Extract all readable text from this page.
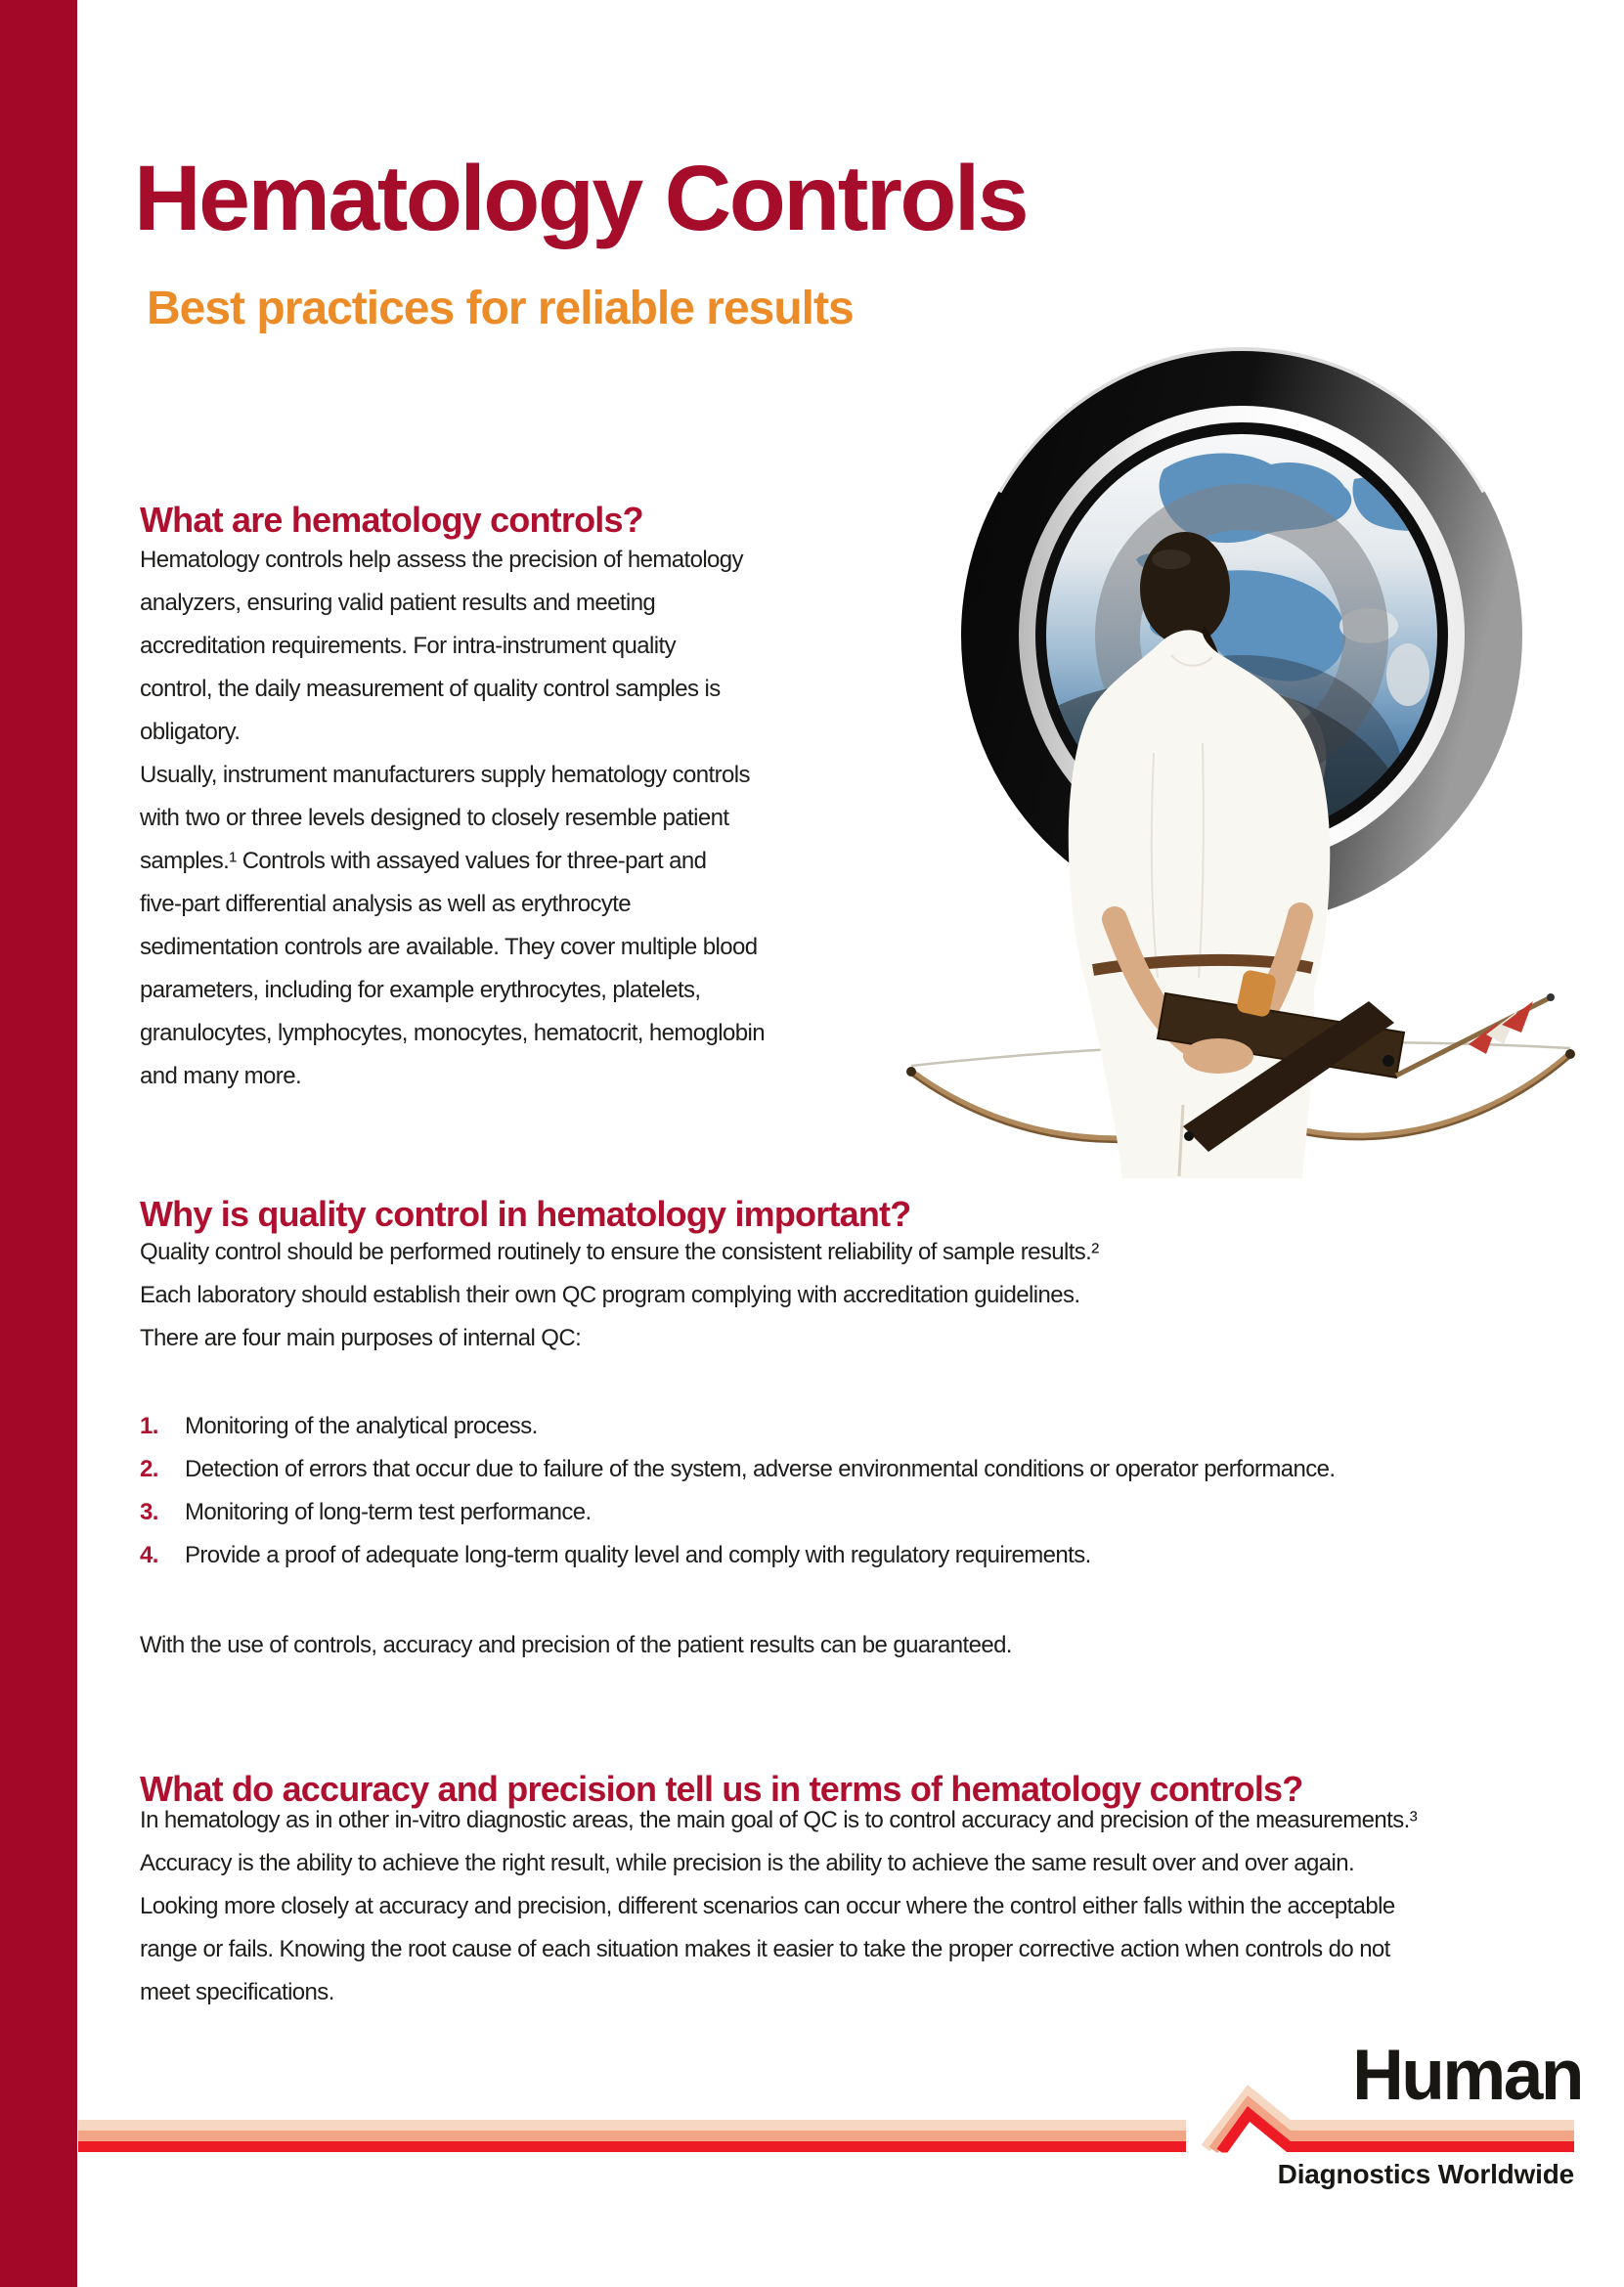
Hematology Controls
Best practices for reliable results
What are hematology controls?
Hematology controls help assess the precision of hematology
analyzers, ensuring valid patient results and meeting
accreditation requirements. For intra-instrument quality
control, the daily measurement of quality control samples is
obligatory.
Usually, instrument manufacturers supply hematology controls
with two or three levels designed to closely resemble patient
samples.¹ Controls with assayed values for three-part and
five-part differential analysis as well as erythrocyte
sedimentation controls are available. They cover multiple blood
parameters, including for example erythrocytes, platelets,
granulocytes, lymphocytes, monocytes, hematocrit, hemoglobin
and many more.
Why is quality control in hematology important?
Quality control should be performed routinely to ensure the consistent reliability of sample results.²
Each laboratory should establish their own QC program complying with accreditation guidelines.
There are four main purposes of internal QC:
1. Monitoring of the analytical process.
2. Detection of errors that occur due to failure of the system, adverse environmental conditions or operator performance.
3. Monitoring of long-term test performance.
4. Provide a proof of adequate long-term quality level and comply with regulatory requirements.
With the use of controls, accuracy and precision of the patient results can be guaranteed.
What do accuracy and precision tell us in terms of hematology controls?
In hematology as in other in-vitro diagnostic areas, the main goal of QC is to control accuracy and precision of the measurements.³
Accuracy is the ability to achieve the right result, while precision is the ability to achieve the same result over and over again.
Looking more closely at accuracy and precision, different scenarios can occur where the control either falls within the acceptable
range or fails. Knowing the root cause of each situation makes it easier to take the proper corrective action when controls do not
meet specifications.
Human
Diagnostics Worldwide
